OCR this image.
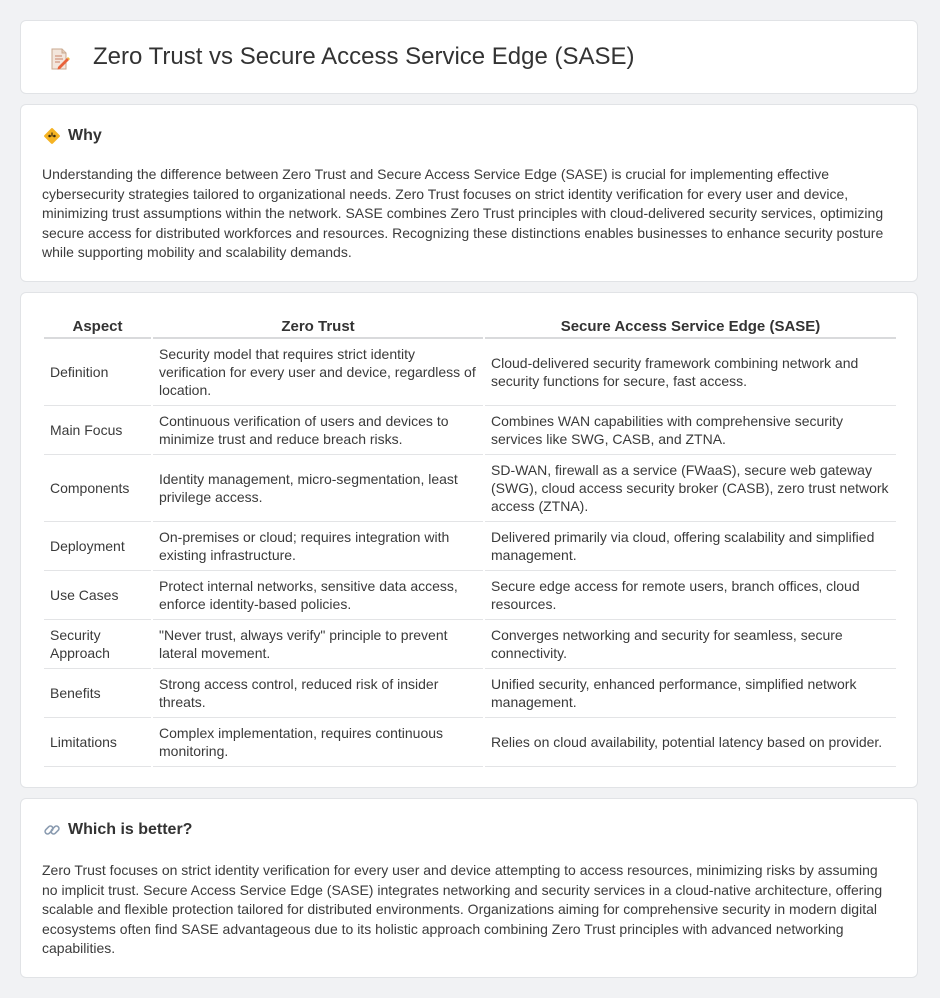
Zero Trust vs Secure Access Service Edge (SASE)
Why

Understanding the difference between Zero Trust and Secure Access Service Edge (SASE) is crucial for implementing effective cybersecurity strategies tailored to organizational needs. Zero Trust focuses on strict identity verification for every user and device, minimizing trust assumptions within the network. SASE combines Zero Trust principles with cloud-delivered security services, optimizing secure access for distributed workforces and resources. Recognizing these distinctions enables businesses to enhance security posture while supporting mobility and scalability demands.

Aspect	Zero Trust	Secure Access Service Edge (SASE)
Definition	Security model that requires strict identity verification for every user and device, regardless of location.	Cloud-delivered security framework combining network and security functions for secure, fast access.
Main Focus	Continuous verification of users and devices to minimize trust and reduce breach risks.	Combines WAN capabilities with comprehensive security services like SWG, CASB, and ZTNA.
Components	Identity management, micro-segmentation, least privilege access.	SD-WAN, firewall as a service (FWaaS), secure web gateway (SWG), cloud access security broker (CASB), zero trust network access (ZTNA).
Deployment	On-premises or cloud; requires integration with existing infrastructure.	Delivered primarily via cloud, offering scalability and simplified management.
Use Cases	Protect internal networks, sensitive data access, enforce identity-based policies.	Secure edge access for remote users, branch offices, cloud resources.
Security Approach	"Never trust, always verify" principle to prevent lateral movement.	Converges networking and security for seamless, secure connectivity.
Benefits	Strong access control, reduced risk of insider threats.	Unified security, enhanced performance, simplified network management.
Limitations	Complex implementation, requires continuous monitoring.	Relies on cloud availability, potential latency based on provider.
Which is better?

Zero Trust focuses on strict identity verification for every user and device attempting to access resources, minimizing risks by assuming no implicit trust. Secure Access Service Edge (SASE) integrates networking and security services in a cloud-native architecture, offering scalable and flexible protection tailored for distributed environments. Organizations aiming for comprehensive security in modern digital ecosystems often find SASE advantageous due to its holistic approach combining Zero Trust principles with advanced networking capabilities.
